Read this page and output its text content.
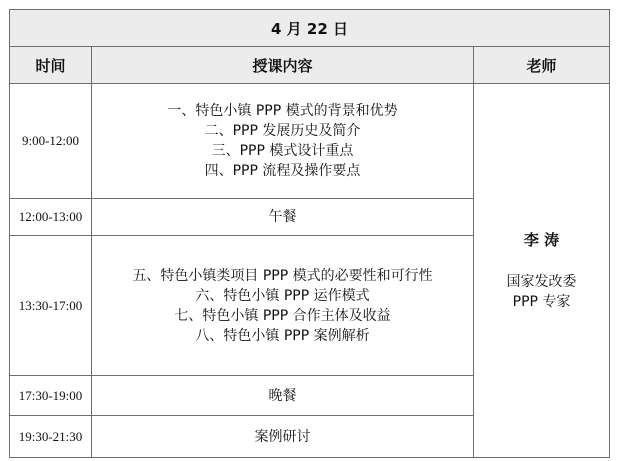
4 月 22 日		
时间	授课内容	老师
9:00-12:00	一、特色小镇 PPP 模式的背景和优势
二、PPP 发展历史及简介
三、PPP 模式设计重点
四、PPP 流程及操作要点	李 涛
国家发改委
PPP 专家

12:00-13:00	午餐	

13:30-17:00	五、特色小镇类项目 PPP 模式的必要性和可行性
六、特色小镇 PPP 运作模式
七、特色小镇 PPP 合作主体及收益
八、特色小镇 PPP 案例解析	

17:30-19:00	晚餐	

19:30-21:30	案例研讨	
